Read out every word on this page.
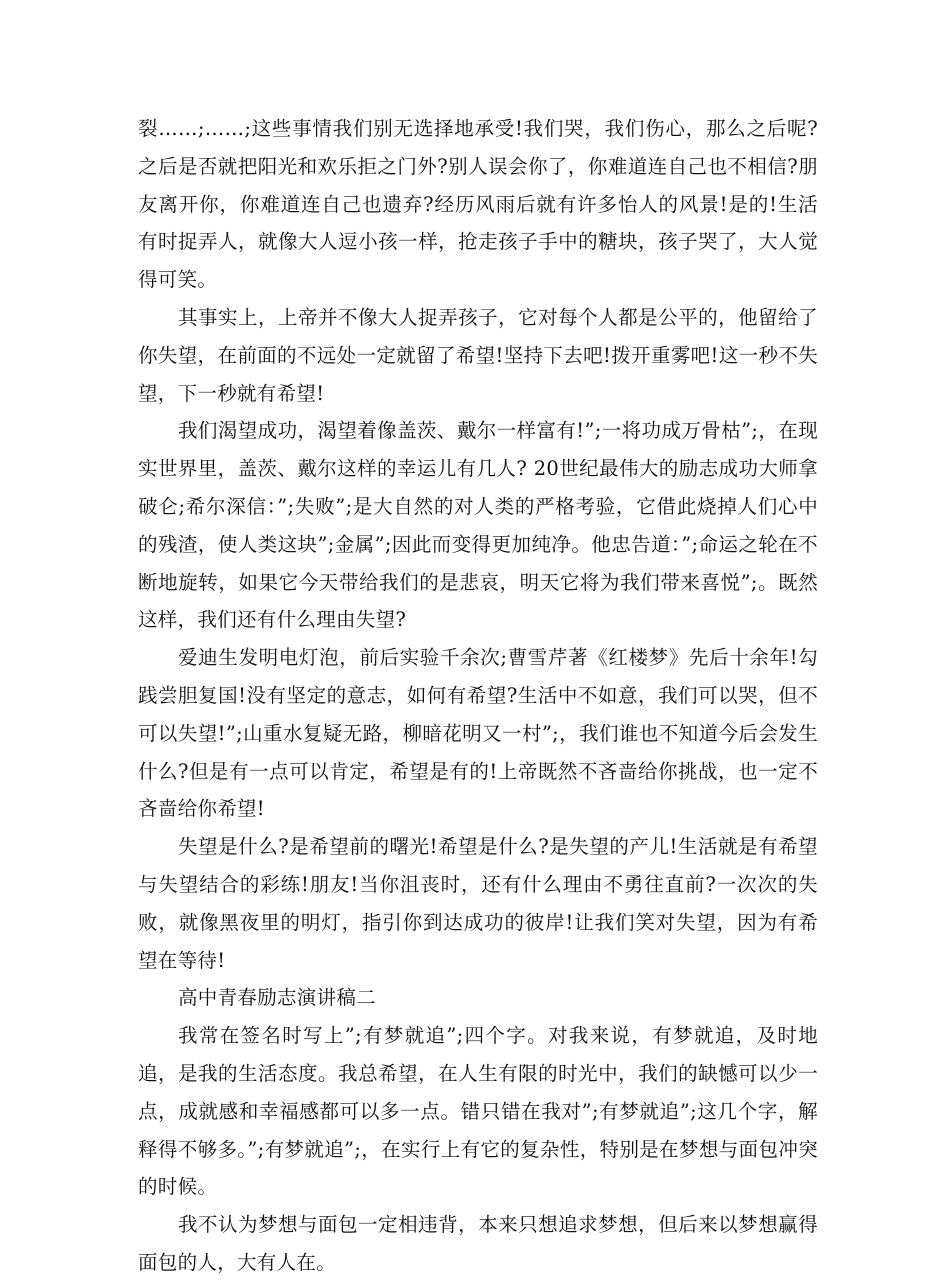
裂……;……;这些事情我们别无选择地承受!我们哭，我们伤心，那么之后呢?之后是否就把阳光和欢乐拒之门外?别人误会你了，你难道连自己也不相信?朋友离开你，你难道连自己也遗弃?经历风雨后就有许多怡人的风景!是的!生活有时捉弄人，就像大人逗小孩一样，抢走孩子手中的糖块，孩子哭了，大人觉得可笑。

其事实上，上帝并不像大人捉弄孩子，它对每个人都是公平的，他留给了你失望，在前面的不远处一定就留了希望!坚持下去吧!拨开重雾吧!这一秒不失望，下一秒就有希望!

我们渴望成功，渴望着像盖茨、戴尔一样富有!”;一将功成万骨枯”;，在现实世界里，盖茨、戴尔这样的幸运儿有几人? 20世纪最伟大的励志成功大师拿破仑;希尔深信：”;失败”;是大自然的对人类的严格考验，它借此烧掉人们心中的残渣，使人类这块”;金属”;因此而变得更加纯净。他忠告道：”;命运之轮在不断地旋转，如果它今天带给我们的是悲哀，明天它将为我们带来喜悦”;。既然这样，我们还有什么理由失望?

爱迪生发明电灯泡，前后实验千余次;曹雪芹著《红楼梦》先后十余年!勾践尝胆复国!没有坚定的意志，如何有希望?生活中不如意，我们可以哭，但不可以失望!”;山重水复疑无路，柳暗花明又一村”;，我们谁也不知道今后会发生什么?但是有一点可以肯定，希望是有的!上帝既然不吝啬给你挑战，也一定不吝啬给你希望!

失望是什么?是希望前的曙光!希望是什么?是失望的产儿!生活就是有希望与失望结合的彩练!朋友!当你沮丧时，还有什么理由不勇往直前?一次次的失败，就像黑夜里的明灯，指引你到达成功的彼岸!让我们笑对失望，因为有希望在等待!

高中青春励志演讲稿二

我常在签名时写上”;有梦就追”;四个字。对我来说，有梦就追，及时地追，是我的生活态度。我总希望，在人生有限的时光中，我们的缺憾可以少一点，成就感和幸福感都可以多一点。错只错在我对”;有梦就追”;这几个字，解释得不够多。”;有梦就追”;，在实行上有它的复杂性，特别是在梦想与面包冲突的时候。

我不认为梦想与面包一定相违背，本来只想追求梦想，但后来以梦想赢得面包的人，大有人在。
